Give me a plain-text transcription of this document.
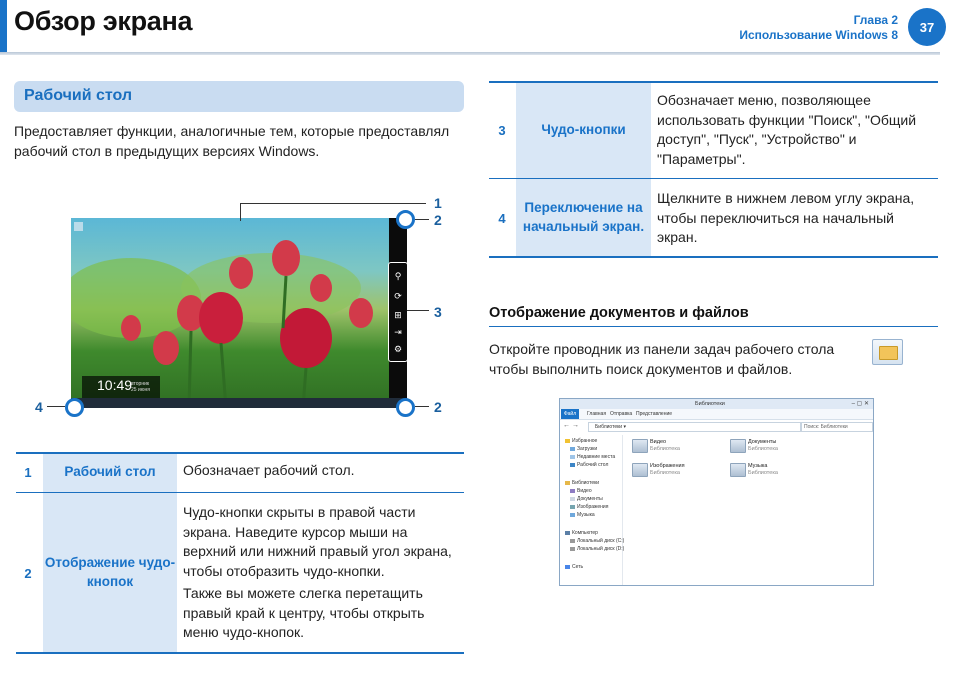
Обзор экрана	Глава 2
Использование Windows 8
37
Рабочий стол
Предоставляет функции, аналогичные тем, которые предоставлял рабочий стол в предыдущих версиях Windows.
⚲
⟳
⊞
⇥
⚙
10:49
вторник
25 июня
1
2
3
4	2
1	Рабочий стол	Обозначает рабочий стол.
2
Отображение чудо-кнопок
Чудо-кнопки скрыты в правой части экрана. Наведите курсор мыши на верхний или нижний правый угол экрана, чтобы отобразить чудо-кнопки.
Также вы можете слегка перетащить правый край к центру, чтобы открыть меню чудо-кнопок.
3	Чудо-кнопки
Обозначает меню, позволяющее использовать функции "Поиск", "Общий доступ", "Пуск", "Устройство" и "Параметры".
4
Переключение на начальный экран.
Щелкните в нижнем левом углу экрана, чтобы переключиться на начальный экран.
Отображение документов и файлов
Откройте проводник из панели задач рабочего стола  чтобы выполнить поиск документов и файлов.
Библиотеки	– ▢ ✕
Файл	Главная Отправка Представление
← →	Библиотеки ▾	Поиск: Библиотеки
Избранное
Загрузки
Недавние места
Рабочий стол
Библиотеки
Видео
Документы
Изображения
Музыка
Компьютер
Локальный диск (C:)
Локальный диск (D:)
Сеть
Видео
Библиотека
Документы
Библиотека
Изображения
Библиотека
Музыка
Библиотека
